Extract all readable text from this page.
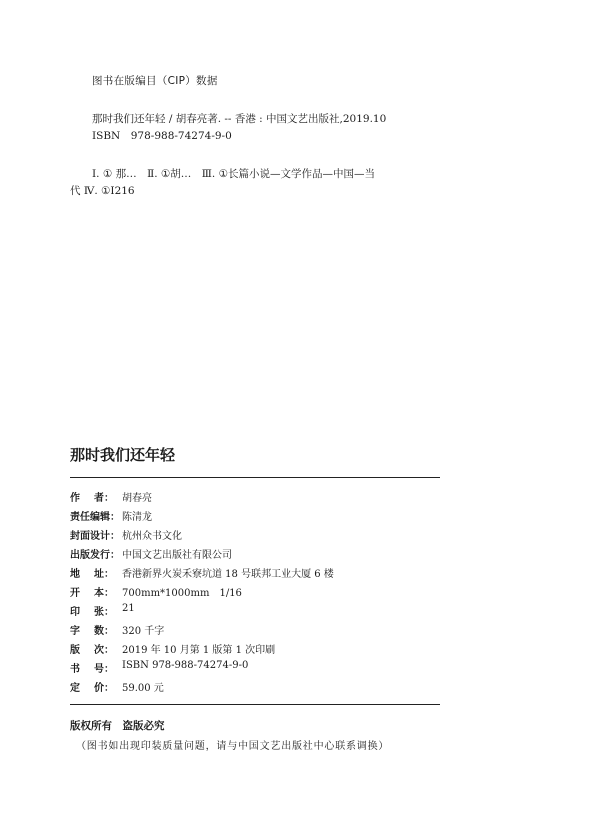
图书在版编目（CIP）数据
那时我们还年轻 / 胡春亮著. -- 香港 : 中国文艺出版社,2019.10
ISBN　978-988-74274-9-0
Ⅰ. ① 那…　Ⅱ. ①胡…　Ⅲ. ①长篇小说—文学作品—中国—当
代 Ⅳ. ①I216
那时我们还年轻
作 者： 胡春亮
责任编辑： 陈清龙
封面设计： 杭州众书文化
出版发行： 中国文艺出版社有限公司
地 址： 香港新界火炭禾寮坑道 18 号联邦工业大厦 6 楼
开 本： 700mm*1000mm　1/16
印 张： 21
字 数： 320 千字
版 次： 2019 年 10 月第 1 版第 1 次印刷
书 号： ISBN 978-988-74274-9-0
定 价： 59.00 元
版权所有　盗版必究
（图书如出现印装质量问题，请与中国文艺出版社中心联系调换）
